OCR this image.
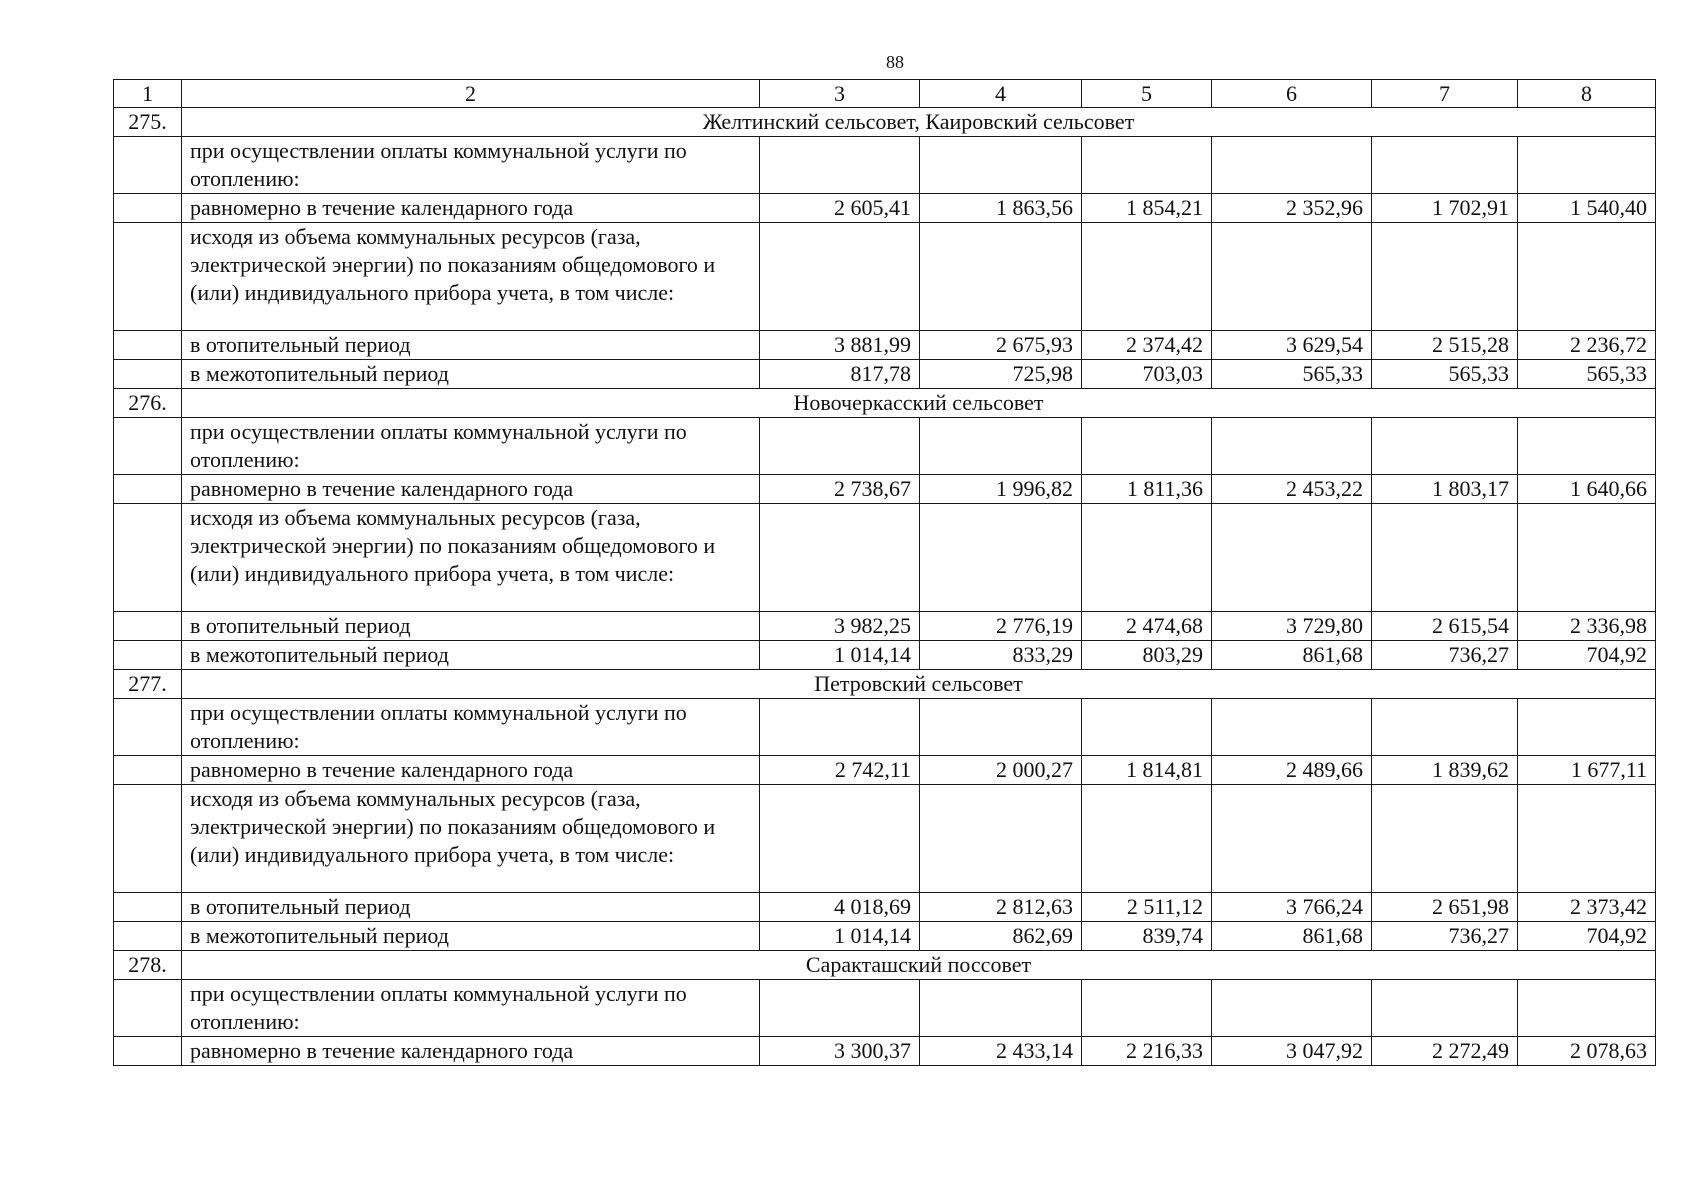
88
1	2	3	4	5	6	7	8
275.	Желтинский сельсовет, Каировский сельсовет						
	при осуществлении оплаты коммунальной услуги по отоплению:						
	равномерно в течение календарного года	2 605,41	1 863,56	1 854,21	2 352,96	1 702,91	1 540,40
	исходя из объема коммунальных ресурсов (газа, электрической энергии) по показаниям общедомового и (или) индивидуального прибора учета, в том числе:						
	в отопительный период	3 881,99	2 675,93	2 374,42	3 629,54	2 515,28	2 236,72
	в межотопительный период	817,78	725,98	703,03	565,33	565,33	565,33
276.	Новочеркасский сельсовет						
	при осуществлении оплаты коммунальной услуги по отоплению:						
	равномерно в течение календарного года	2 738,67	1 996,82	1 811,36	2 453,22	1 803,17	1 640,66
	исходя из объема коммунальных ресурсов (газа, электрической энергии) по показаниям общедомового и (или) индивидуального прибора учета, в том числе:						
	в отопительный период	3 982,25	2 776,19	2 474,68	3 729,80	2 615,54	2 336,98
	в межотопительный период	1 014,14	833,29	803,29	861,68	736,27	704,92
277.	Петровский сельсовет						
	при осуществлении оплаты коммунальной услуги по отоплению:						
	равномерно в течение календарного года	2 742,11	2 000,27	1 814,81	2 489,66	1 839,62	1 677,11
	исходя из объема коммунальных ресурсов (газа, электрической энергии) по показаниям общедомового и (или) индивидуального прибора учета, в том числе:						
	в отопительный период	4 018,69	2 812,63	2 511,12	3 766,24	2 651,98	2 373,42
	в межотопительный период	1 014,14	862,69	839,74	861,68	736,27	704,92
278.	Саракташский поссовет						
	при осуществлении оплаты коммунальной услуги по отоплению:						
	равномерно в течение календарного года	3 300,37	2 433,14	2 216,33	3 047,92	2 272,49	2 078,63
